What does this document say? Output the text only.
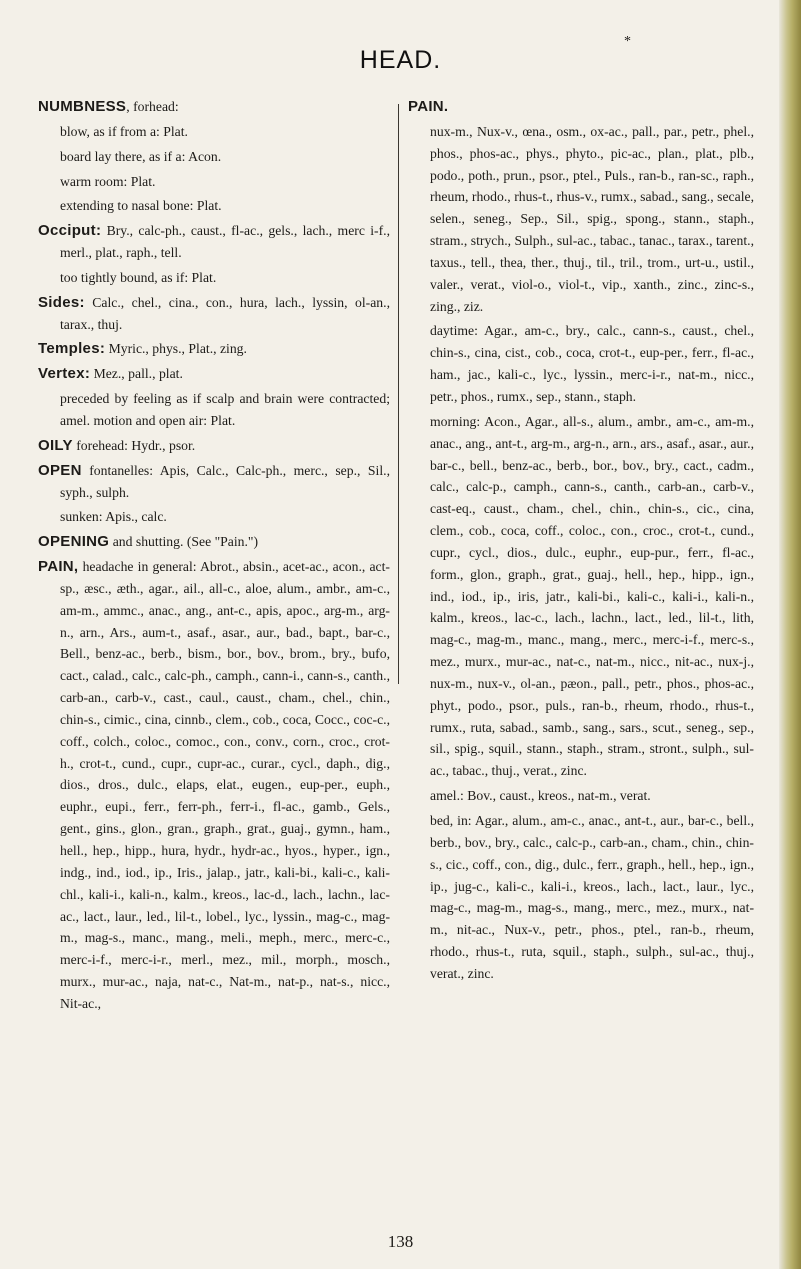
*
HEAD.

NUMBNESS, forhead:

blow, as if from a: Plat.

board lay there, as if a: Acon.

warm room: Plat.

extending to nasal bone: Plat.

Occiput: Bry., calc-ph., caust., fl-ac., gels., lach., merc i-f., merl., plat., raph., tell.

too tightly bound, as if: Plat.

Sides: Calc., chel., cina., con., hura, lach., lyssin, ol-an., tarax., thuj.

Temples: Myric., phys., Plat., zing.

Vertex: Mez., pall., plat.

preceded by feeling as if scalp and brain were contracted; amel. motion and open air: Plat.

OILY forehead: Hydr., psor.

OPEN fontanelles: Apis, Calc., Calc-ph., merc., sep., Sil., syph., sulph.

sunken: Apis., calc.

OPENING and shutting. (See "Pain.")

PAIN, headache in general: Abrot., absin., acet-ac., acon., act-sp., æsc., æth., agar., ail., all-c., aloe, alum., ambr., am-c., am-m., ammc., anac., ang., ant-c., apis, apoc., arg-m., arg-n., arn., Ars., aum-t., asaf., asar., aur., bad., bapt., bar-c., Bell., benz-ac., berb., bism., bor., bov., brom., bry., bufo, cact., calad., calc., calc-ph., camph., cann-i., cann-s., canth., carb-an., carb-v., cast., caul., caust., cham., chel., chin., chin-s., cimic., cina, cinnb., clem., cob., coca, Cocc., coc-c., coff., colch., coloc., comoc., con., conv., corn., croc., crot-h., crot-t., cund., cupr., cupr-ac., curar., cycl., daph., dig., dios., dros., dulc., elaps, elat., eugen., eup-per., euph., euphr., eupi., ferr., ferr-ph., ferr-i., fl-ac., gamb., Gels., gent., gins., glon., gran., graph., grat., guaj., gymn., ham., hell., hep., hipp., hura, hydr., hydr-ac., hyos., hyper., ign., indg., ind., iod., ip., Iris., jalap., jatr., kali-bi., kali-c., kali-chl., kali-i., kali-n., kalm., kreos., lac-d., lach., lachn., lac-ac., lact., laur., led., lil-t., lobel., lyc., lyssin., mag-c., mag-m., mag-s., manc., mang., meli., meph., merc., merc-c., merc-i-f., merc-i-r., merl., mez., mil., morph., mosch., murx., mur-ac., naja, nat-c., Nat-m., nat-p., nat-s., nicc., Nit-ac.,

PAIN.

nux-m., Nux-v., œna., osm., ox-ac., pall., par., petr., phel., phos., phos-ac., phys., phyto., pic-ac., plan., plat., plb., podo., poth., prun., psor., ptel., Puls., ran-b., ran-sc., raph., rheum, rhodo., rhus-t., rhus-v., rumx., sabad., sang., secale, selen., seneg., Sep., Sil., spig., spong., stann., staph., stram., strych., Sulph., sul-ac., tabac., tanac., tarax., tarent., taxus., tell., thea, ther., thuj., til., tril., trom., urt-u., ustil., valer., verat., viol-o., viol-t., vip., xanth., zinc., zinc-s., zing., ziz.

daytime: Agar., am-c., bry., calc., cann-s., caust., chel., chin-s., cina, cist., cob., coca, crot-t., eup-per., ferr., fl-ac., ham., jac., kali-c., lyc., lyssin., merc-i-r., nat-m., nicc., petr., phos., rumx., sep., stann., staph.

morning: Acon., Agar., all-s., alum., ambr., am-c., am-m., anac., ang., ant-t., arg-m., arg-n., arn., ars., asaf., asar., aur., bar-c., bell., benz-ac., berb., bor., bov., bry., cact., cadm., calc., calc-p., camph., cann-s., canth., carb-an., carb-v., cast-eq., caust., cham., chel., chin., chin-s., cic., cina, clem., cob., coca, coff., coloc., con., croc., crot-t., cund., cupr., cycl., dios., dulc., euphr., eup-pur., ferr., fl-ac., form., glon., graph., grat., guaj., hell., hep., hipp., ign., ind., iod., ip., iris, jatr., kali-bi., kali-c., kali-i., kali-n., kalm., kreos., lac-c., lach., lachn., lact., led., lil-t., lith, mag-c., mag-m., manc., mang., merc., merc-i-f., merc-s., mez., murx., mur-ac., nat-c., nat-m., nicc., nit-ac., nux-j., nux-m., nux-v., ol-an., pæon., pall., petr., phos., phos-ac., phyt., podo., psor., puls., ran-b., rheum, rhodo., rhus-t., rumx., ruta, sabad., samb., sang., sars., scut., seneg., sep., sil., spig., squil., stann., staph., stram., stront., sulph., sul-ac., tabac., thuj., verat., zinc.

amel.: Bov., caust., kreos., nat-m., verat.

bed, in: Agar., alum., am-c., anac., ant-t., aur., bar-c., bell., berb., bov., bry., calc., calc-p., carb-an., cham., chin., chin-s., cic., coff., con., dig., dulc., ferr., graph., hell., hep., ign., ip., jug-c., kali-c., kali-i., kreos., lach., lact., laur., lyc., mag-c., mag-m., mag-s., mang., merc., mez., murx., nat-m., nit-ac., Nux-v., petr., phos., ptel., ran-b., rheum, rhodo., rhus-t., ruta, squil., staph., sulph., sul-ac., thuj., verat., zinc.

138
